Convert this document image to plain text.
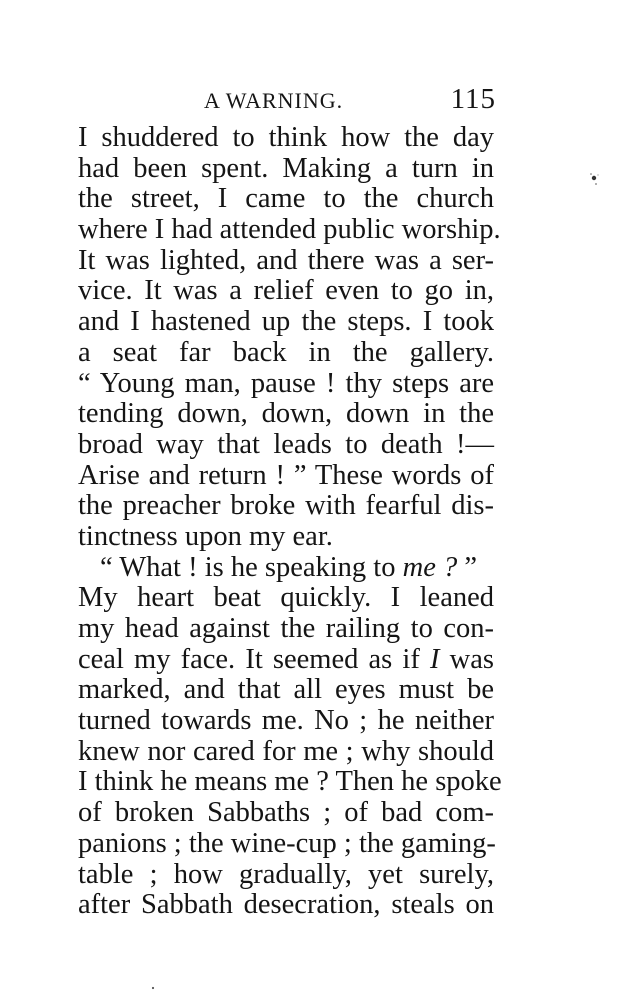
A WARNING.	115
I shuddered to think how the day
had been spent. Making a turn in
the street, I came to the church
where I had attended public worship.
It was lighted, and there was a ser-
vice. It was a relief even to go in,
and I hastened up the steps. I took
a seat far back in the gallery.
“ Young man, pause ! thy steps are
tending down, down, down in the
broad way that leads to death !—
Arise and return ! ” These words of
the preacher broke with fearful dis-
tinctness upon my ear.
“ What ! is he speaking to me ? ”
My heart beat quickly. I leaned
my head against the railing to con-
ceal my face. It seemed as if I was
marked, and that all eyes must be
turned towards me. No ; he neither
knew nor cared for me ; why should
I think he means me ? Then he spoke
of broken Sabbaths ; of bad com-
panions ; the wine-cup ; the gaming-
table ; how gradually, yet surely,
after Sabbath desecration, steals on
